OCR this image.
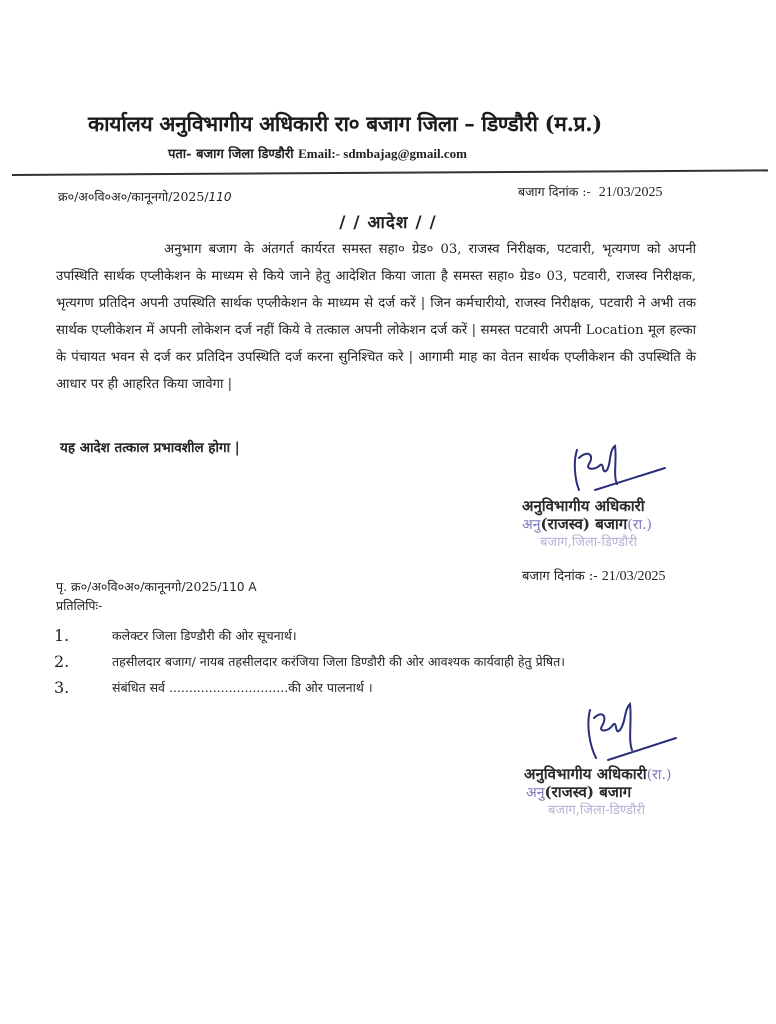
कार्यालय अनुविभागीय अधिकारी रा० बजाग जिला – डिण्डौरी (म.प्र.)
पता- बजाग जिला डिण्डौरी Email:- sdmbajag@gmail.com
क्र०/अ०वि०अ०/कानूनगो/2025/110	बजाग दिनांक :- 21/03/2025
/ / आदेश / /
अनुभाग बजाग के अंतगर्त कार्यरत समस्त सहा० ग्रेड० 03, राजस्व निरीक्षक, पटवारी, भृत्यगण को अपनी उपस्थिति सार्थक एप्लीकेशन के माध्यम से किये जाने हेतु आदेशित किया जाता है समस्त सहा० ग्रेड० 03, पटवारी, राजस्व निरीक्षक, भृत्यगण प्रतिदिन अपनी उपस्थिति सार्थक एप्लीकेशन के माध्यम से दर्ज करें | जिन कर्मचारीयो, राजस्व निरीक्षक, पटवारी ने अभी तक सार्थक एप्लीकेशन में अपनी लोकेशन दर्ज नहीं किये वे तत्काल अपनी लोकेशन दर्ज करें | समस्त पटवारी अपनी Location मूल हल्का के पंचायत भवन से दर्ज कर प्रतिदिन उपस्थिति दर्ज करना सुनिश्चित करे | आगामी माह का वेतन सार्थक एप्लीकेशन की उपस्थिति के आधार पर ही आहरित किया जावेगा |
यह आदेश तत्काल प्रभावशील होगा |
अनुविभागीय अधिकारी
अनु(राजस्व) बजाग(रा.)
बजाग,जिला-डिण्डौरी
बजाग दिनांक :- 21/03/2025
पृ. क्र०/अ०वि०अ०/कानूनगो/2025/110 A
प्रतिलिपिः-
1.	कलेक्टर जिला डिण्डौरी की ओर सूचनार्थ।
2.	तहसीलदार बजाग/ नायब तहसीलदार करंजिया जिला डिण्डौरी की ओर आवश्यक कार्यवाही हेतु प्रेषित।
3.	संबंधित सर्व ..............................की ओर पालनार्थ ।
अनुविभागीय अधिकारी(रा.)
अनु(राजस्व) बजाग
बजाग,जिला-डिण्डौरी
